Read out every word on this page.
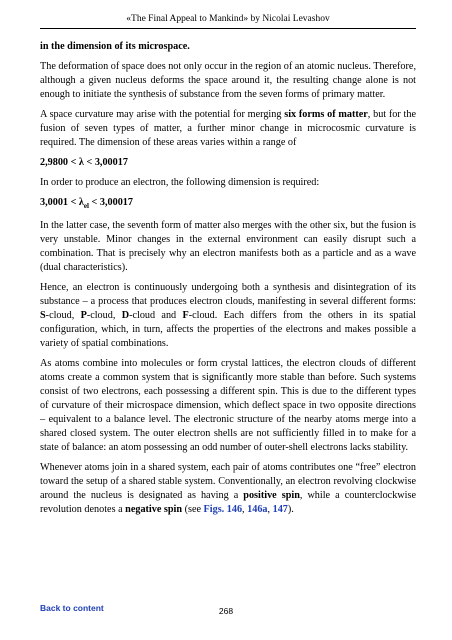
«The Final Appeal to Mankind» by Nicolai Levashov

in the dimension of its microspace.

The deformation of space does not only occur in the region of an atomic nucleus. Therefore, although a given nucleus deforms the space around it, the resulting change alone is not enough to initiate the synthesis of substance from the seven forms of primary matter.

A space curvature may arise with the potential for merging six forms of matter, but for the fusion of seven types of matter, a further minor change in microcosmic curvature is required. The dimension of these areas varies within a range of

2,9800 < λ < 3,00017

In order to produce an electron, the following dimension is required:

$3,0001 < \lambda_{el} < 3,00017$

In the latter case, the seventh form of matter also merges with the other six, but the fusion is very unstable. Minor changes in the external environment can easily disrupt such a combination. That is precisely why an electron manifests both as a particle and as a wave (dual characteristics).

Hence, an electron is continuously undergoing both a synthesis and disintegration of its substance – a process that produces electron clouds, manifesting in several different forms: S-cloud, P-cloud, D-cloud and F-cloud. Each differs from the others in its spatial configuration, which, in turn, affects the properties of the electrons and makes possible a variety of spatial combinations.

As atoms combine into molecules or form crystal lattices, the electron clouds of different atoms create a common system that is significantly more stable than before. Such systems consist of two electrons, each possessing a different spin. This is due to the different types of curvature of their microspace dimension, which deflect space in two opposite directions – equivalent to a balance level. The electronic structure of the nearby atoms merge into a shared closed system. The outer electron shells are not sufficiently filled in to make for a state of balance: an atom possessing an odd number of outer-shell electrons lacks stability.

Whenever atoms join in a shared system, each pair of atoms contributes one “free” electron toward the setup of a shared stable system. Conventionally, an electron revolving clockwise around the nucleus is designated as having a positive spin, while a counterclockwise revolution denotes a negative spin (see Figs. 146, 146a, 147).

Back to content	268
